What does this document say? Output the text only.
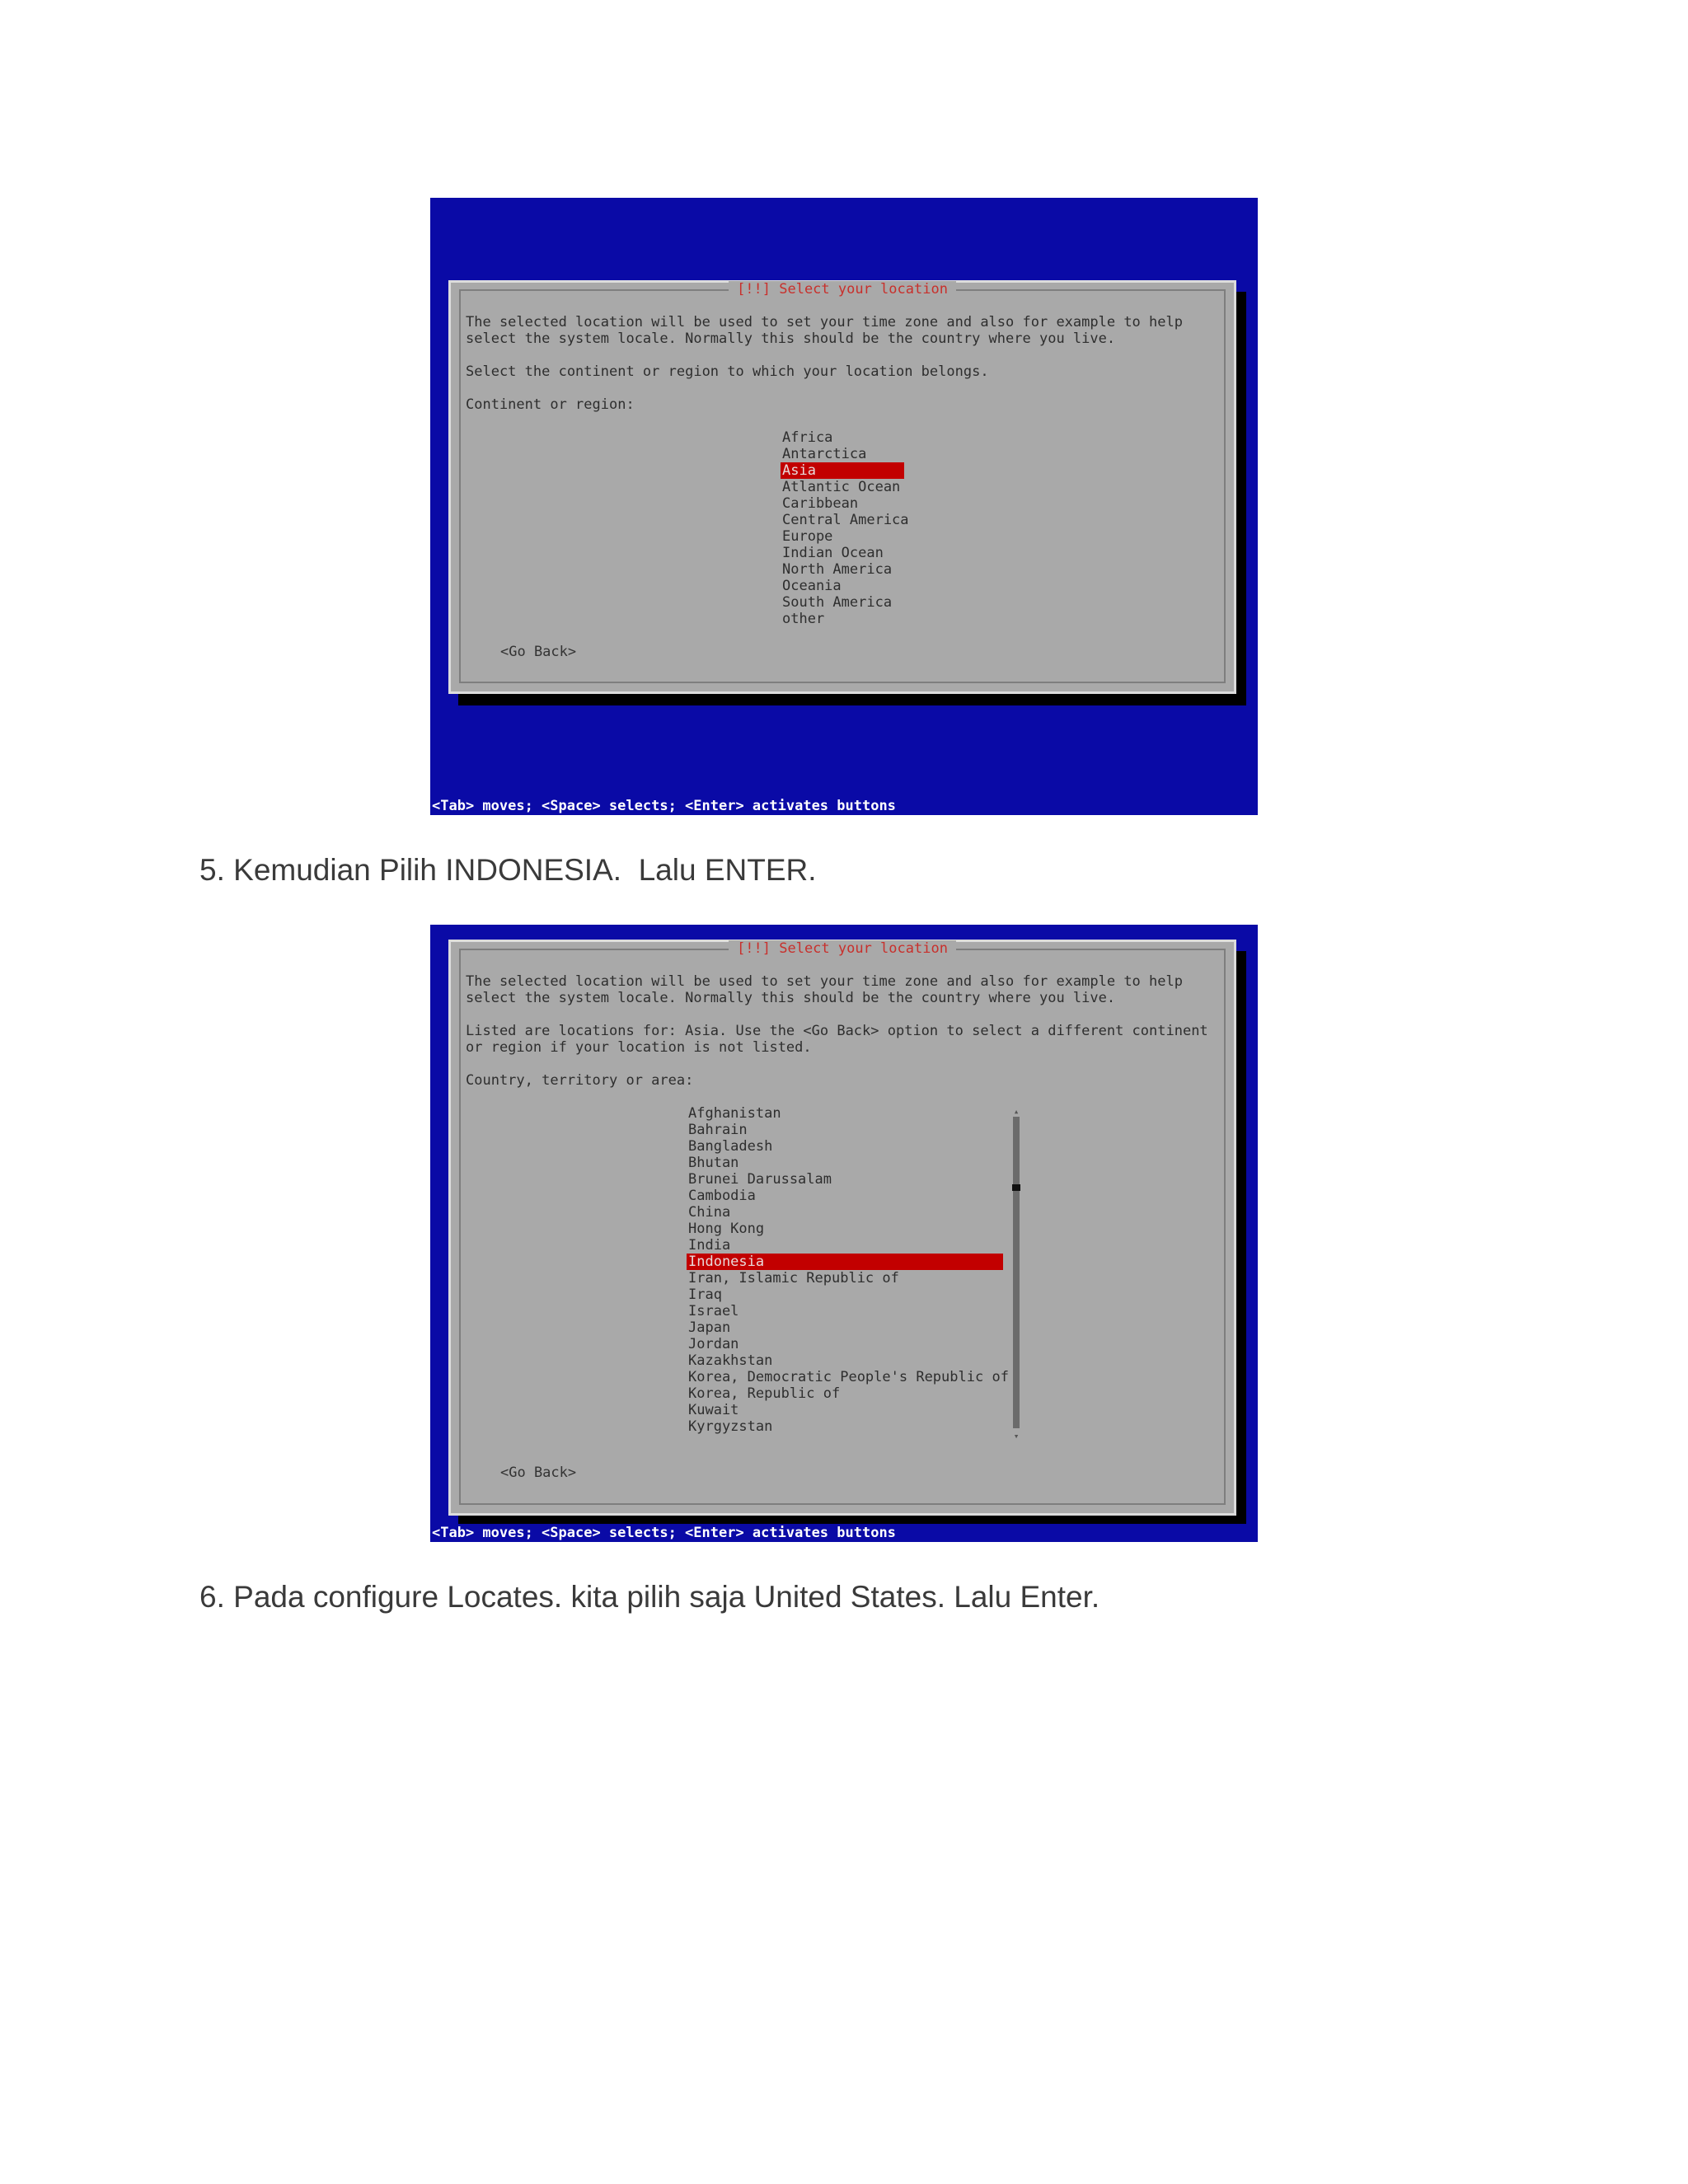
[!!] Select your location
The selected location will be used to set your time zone and also for example to help
select the system locale. Normally this should be the country where you live.
Select the continent or region to which your location belongs.
Continent or region:
Africa
Antarctica
Asia
Atlantic Ocean
Caribbean
Central America
Europe
Indian Ocean
North America
Oceania
South America
other
<Go Back>
<Tab> moves; <Space> selects; <Enter> activates buttons
5. Kemudian Pilih INDONESIA.  Lalu ENTER.
[!!] Select your location
The selected location will be used to set your time zone and also for example to help
select the system locale. Normally this should be the country where you live.
Listed are locations for: Asia. Use the <Go Back> option to select a different continent
or region if your location is not listed.
Country, territory or area:
Afghanistan
Bahrain
Bangladesh
Bhutan
Brunei Darussalam
Cambodia
China
Hong Kong
India
Indonesia
Iran, Islamic Republic of
Iraq
Israel
Japan
Jordan
Kazakhstan
Korea, Democratic People's Republic of
Korea, Republic of
Kuwait
Kyrgyzstan
▴
▾
<Go Back>
<Tab> moves; <Space> selects; <Enter> activates buttons
6. Pada configure Locates. kita pilih saja United States. Lalu Enter.
